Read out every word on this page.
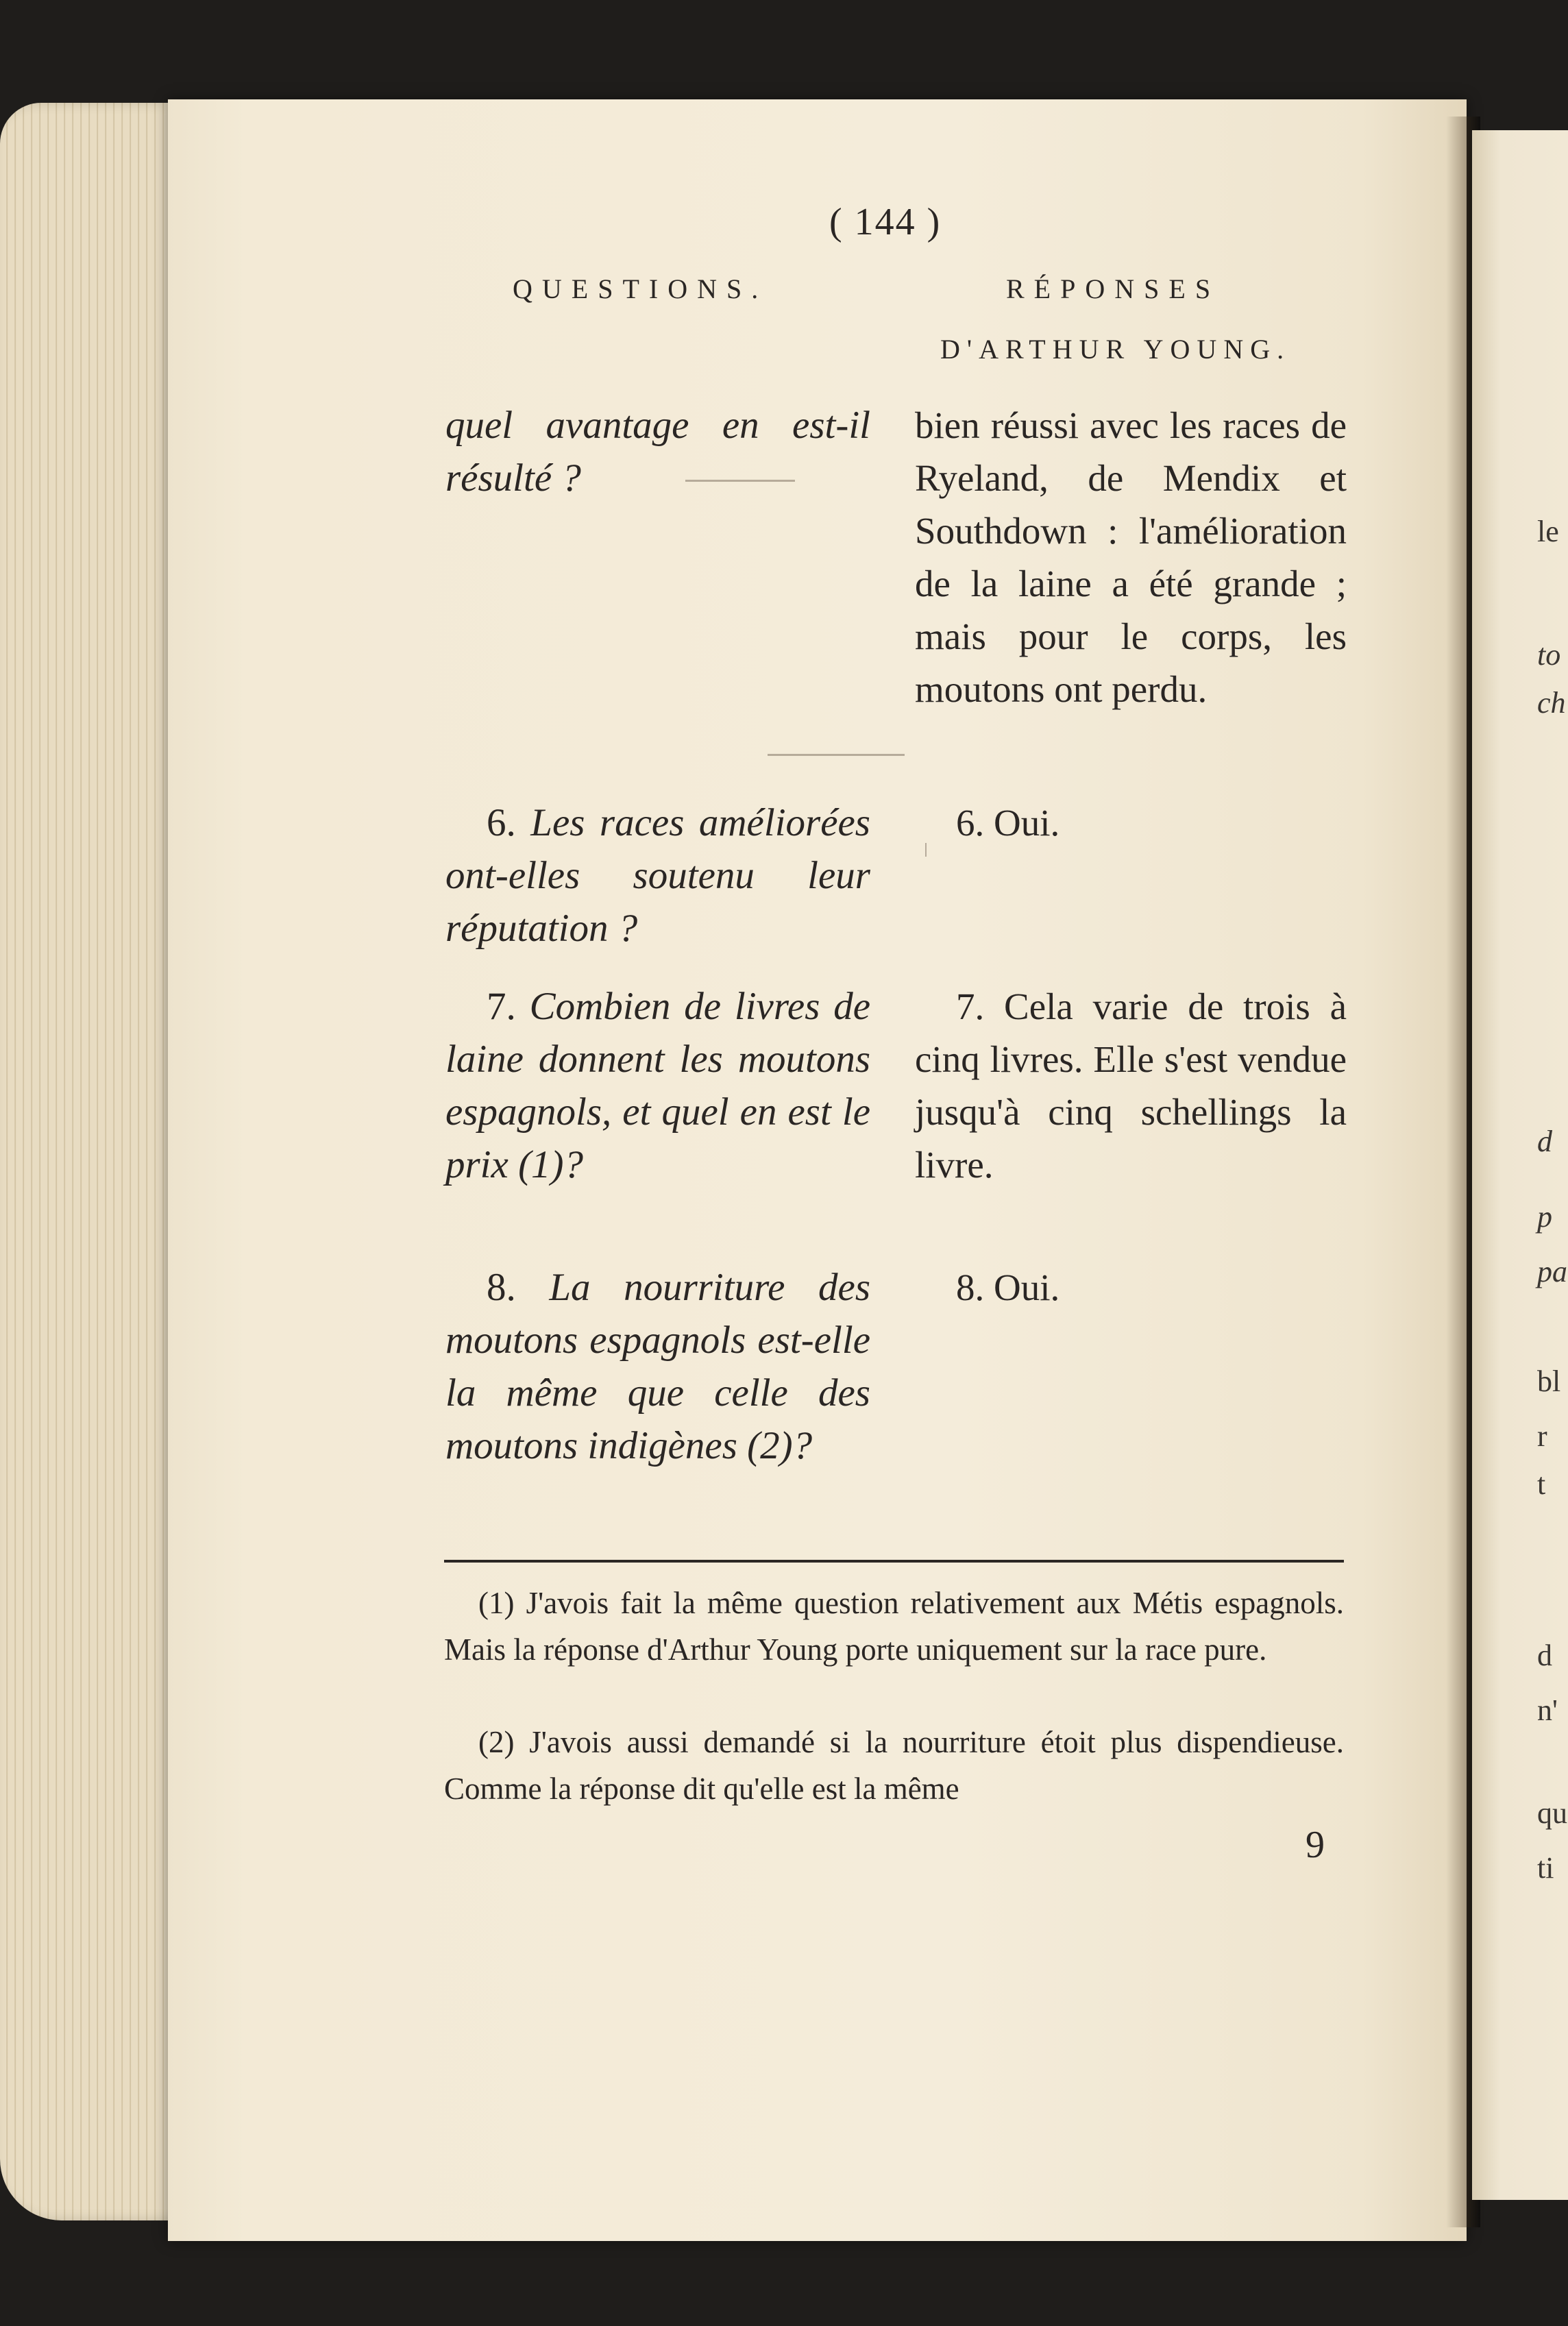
le
to
ch
d
p
pa
bl
r
t
d
n'
qu
ti
( 144 )
QUESTIONS.	RÉPONSES
D'ARTHUR YOUNG.
quel avantage en est-il résulté ?
bien réussi avec les races de Ryeland, de Mendix et Southdown : l'amélioration de la laine a été grande ; mais pour le corps, les moutons ont perdu.
6. Les races améliorées ont-elles soutenu leur réputation ?
6. Oui.
7. Combien de livres de laine donnent les moutons espagnols, et quel en est le prix (1)?
7. Cela varie de trois à cinq livres. Elle s'est vendue jusqu'à cinq schellings la livre.
8. La nourriture des moutons espagnols est-elle la même que celle des moutons indigènes (2)?
8. Oui.
(1) J'avois fait la même question relativement aux Métis espagnols. Mais la réponse d'Arthur Young porte uniquement sur la race pure.
(2) J'avois aussi demandé si la nourriture étoit plus dispendieuse. Comme la réponse dit qu'elle est la même
9
